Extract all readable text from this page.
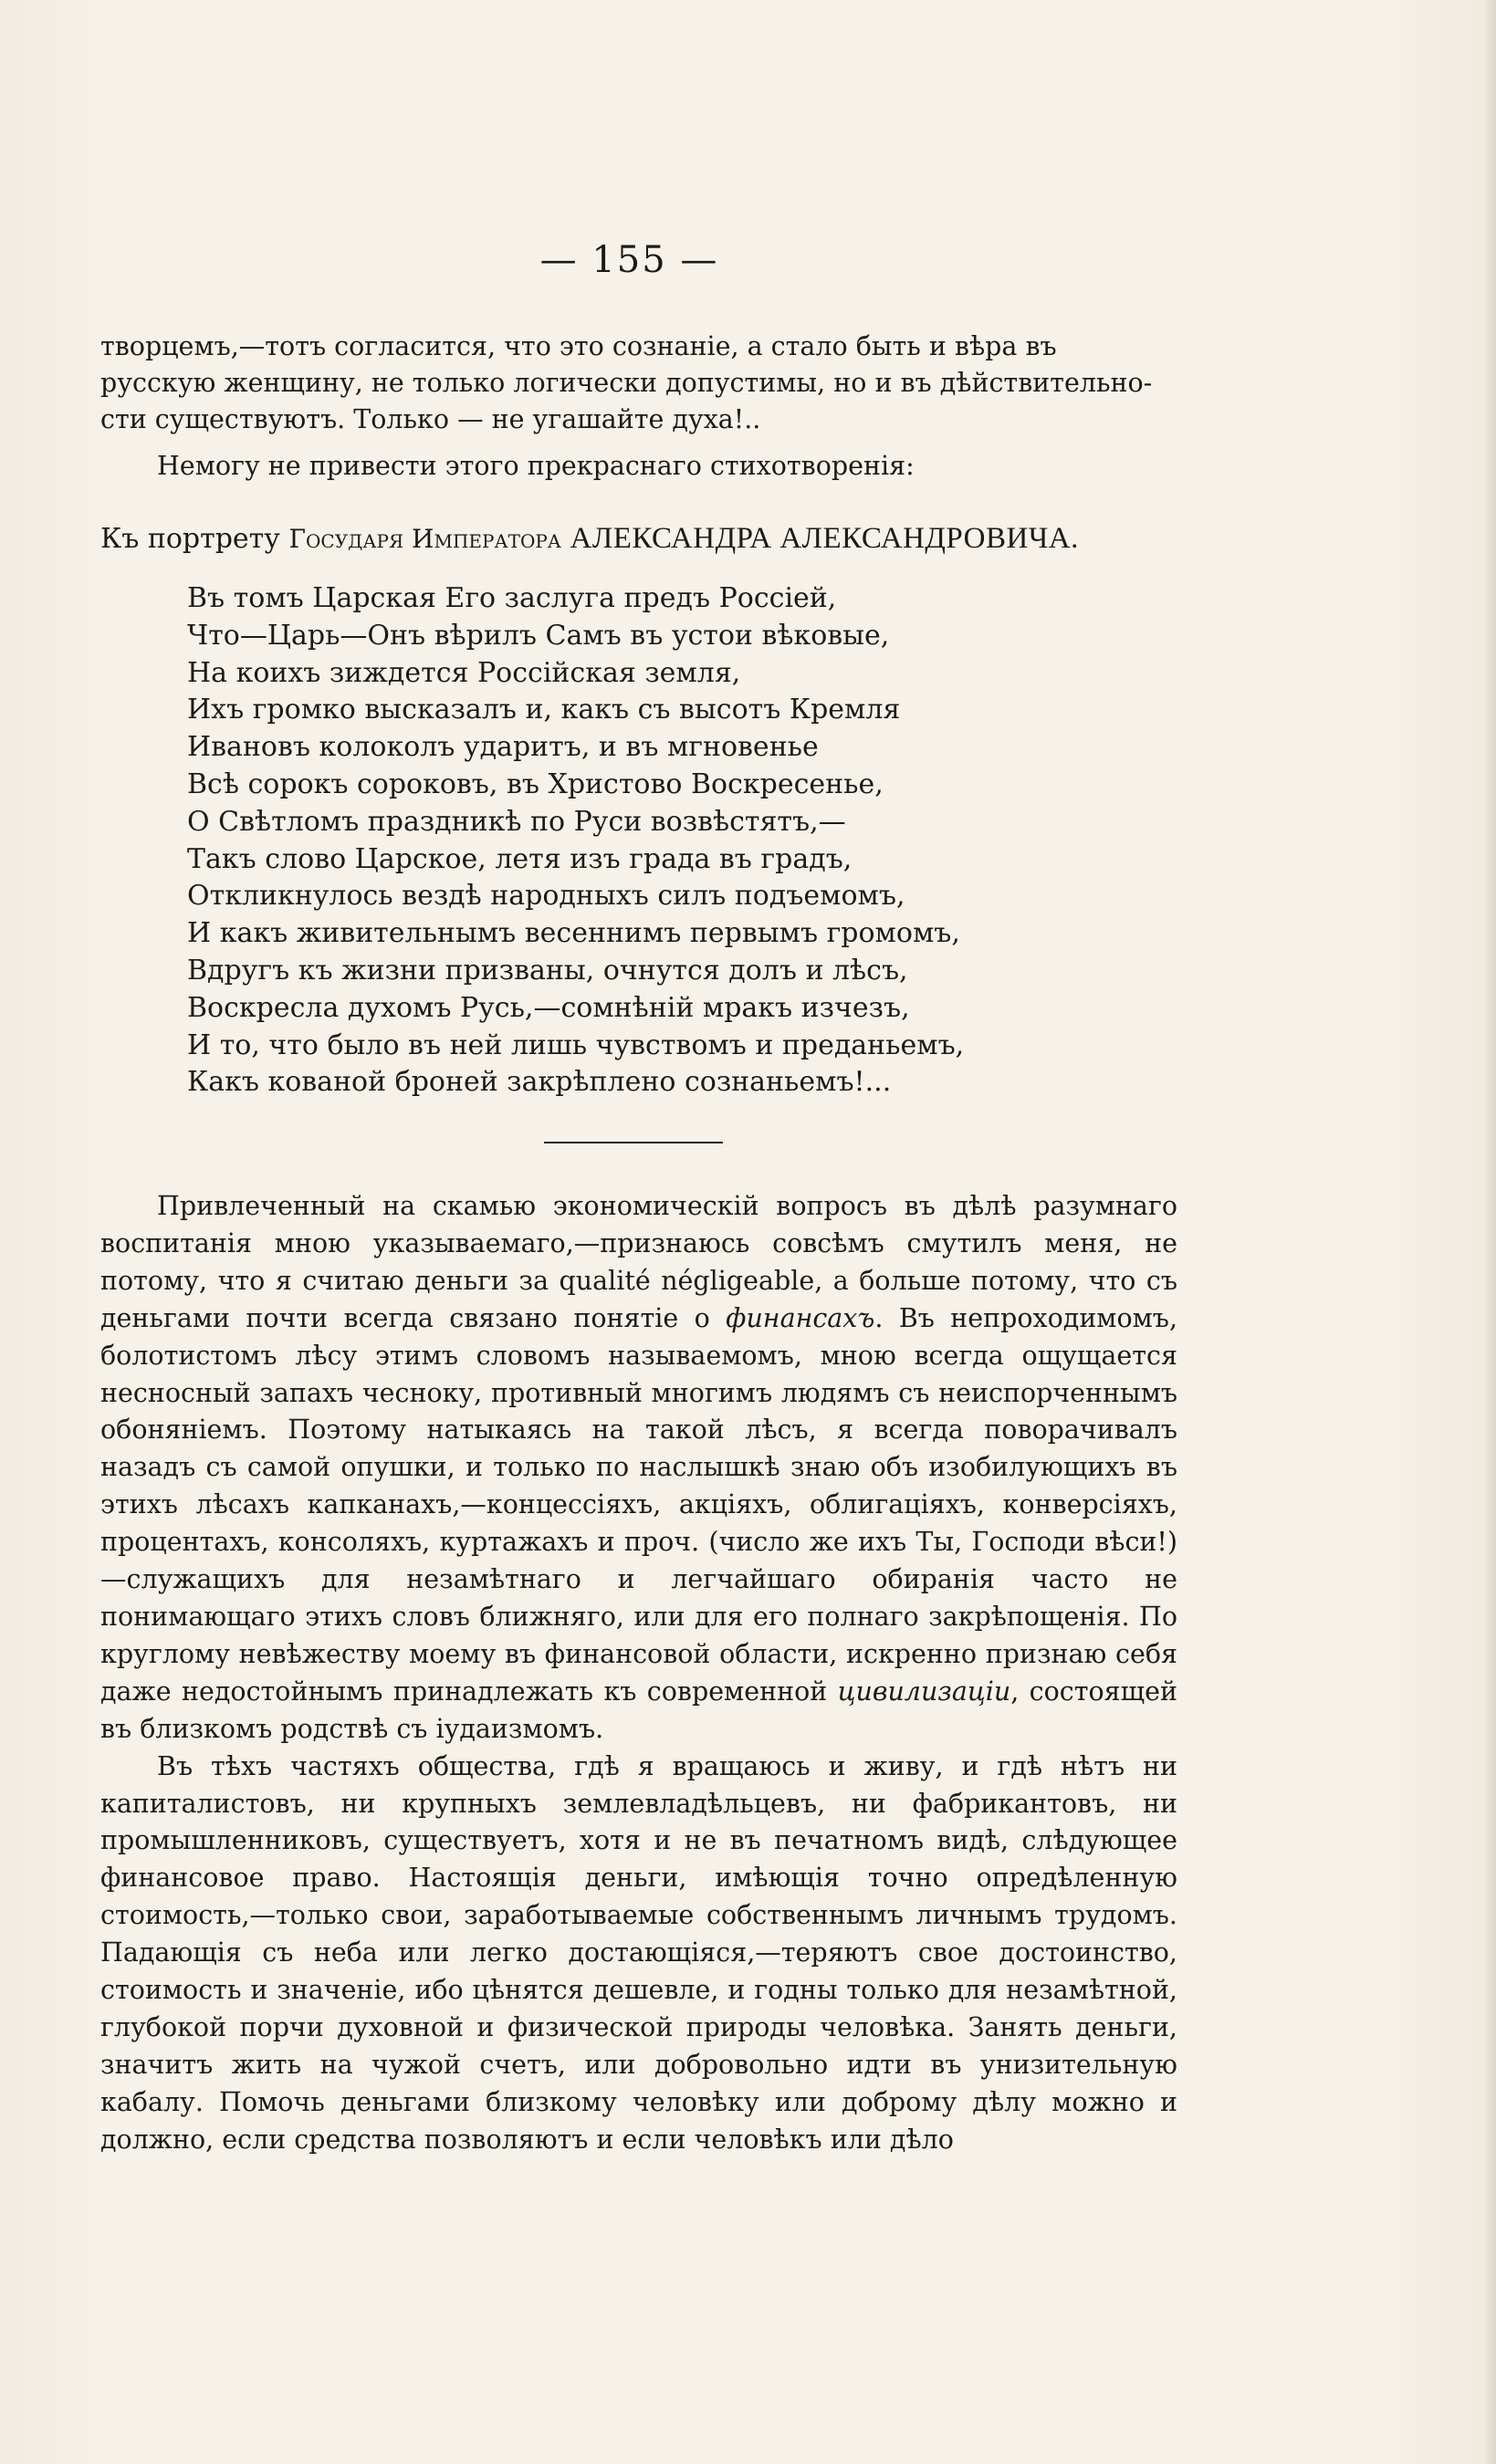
— 155 —

творцемъ,—тотъ согласится, что это сознаніе, а стало быть и вѣра въ

русскую женщину, не только логически допустимы, но и въ дѣйствительно-

сти существуютъ. Только — не угашайте духа!..

Немогу не привести этого прекраснаго стихотворенія:
Къ портрету Государя Императора АЛЕКСАНДРА АЛЕКСАНДРОВИЧА.
Въ томъ Царская Его заслуга предъ Россіей,
Что—Царь—Онъ вѣрилъ Самъ въ устои вѣковые,
На коихъ зиждется Россійская земля,
Ихъ громко высказалъ и, какъ съ высотъ Кремля
Ивановъ колоколъ ударитъ, и въ мгновенье
Всѣ сорокъ сороковъ, въ Христово Воскресенье,
О Свѣтломъ праздникѣ по Руси возвѣстятъ,—
Такъ слово Царское, летя изъ града въ градъ,
Откликнулось вездѣ народныхъ силъ подъемомъ,
И какъ живительнымъ весеннимъ первымъ громомъ,
Вдругъ къ жизни призваны, очнутся долъ и лѣсъ,
Воскресла духомъ Русь,—сомнѣній мракъ изчезъ,
И то, что было въ ней лишь чувствомъ и преданьемъ,
Какъ кованой броней закрѣплено сознаньемъ!...

Привлеченный на скамью экономическій вопросъ въ дѣлѣ разумнаго воспитанія мною указываемаго,—признаюсь совсѣмъ смутилъ меня, не потому, что я считаю деньги за qualité négligeable, а больше потому, что съ деньгами почти всегда связано понятіе о финансахъ. Въ непроходимомъ, болотистомъ лѣсу этимъ словомъ называемомъ, мною всегда ощущается несносный запахъ чесноку, противный многимъ людямъ съ неиспорченнымъ обоняніемъ. Поэтому натыкаясь на такой лѣсъ, я всегда поворачивалъ назадъ съ самой опушки, и только по наслышкѣ знаю объ изобилующихъ въ этихъ лѣсахъ капканахъ,—концессіяхъ, акціяхъ, облигаціяхъ, конверсіяхъ, процентахъ, консоляхъ, куртажахъ и проч. (число же ихъ Ты, Господи вѣси!)—служащихъ для незамѣтнаго и легчайшаго обиранія часто не понимающаго этихъ словъ ближняго, или для его полнаго закрѣпощенія. По круглому невѣжеству моему въ финансовой области, искренно признаю себя даже недостойнымъ принадлежать къ современной цивилизаціи, состоящей въ близкомъ родствѣ съ іудаизмомъ.

Въ тѣхъ частяхъ общества, гдѣ я вращаюсь и живу, и гдѣ нѣтъ ни капиталистовъ, ни крупныхъ землевладѣльцевъ, ни фабрикантовъ, ни промышленниковъ, существуетъ, хотя и не въ печатномъ видѣ, слѣдующее финансовое право. Настоящія деньги, имѣющія точно опредѣленную стоимость,—только свои, заработываемые собственнымъ личнымъ трудомъ. Падающія съ неба или легко достающіяся,—теряютъ свое достоинство, стоимость и значеніе, ибо цѣнятся дешевле, и годны только для незамѣтной, глубокой порчи духовной и физической природы человѣка. Занять деньги, значитъ жить на чужой счетъ, или добровольно идти въ унизительную кабалу. Помочь деньгами близкому человѣку или доброму дѣлу можно и должно, если средства позволяютъ и если человѣкъ или дѣло
